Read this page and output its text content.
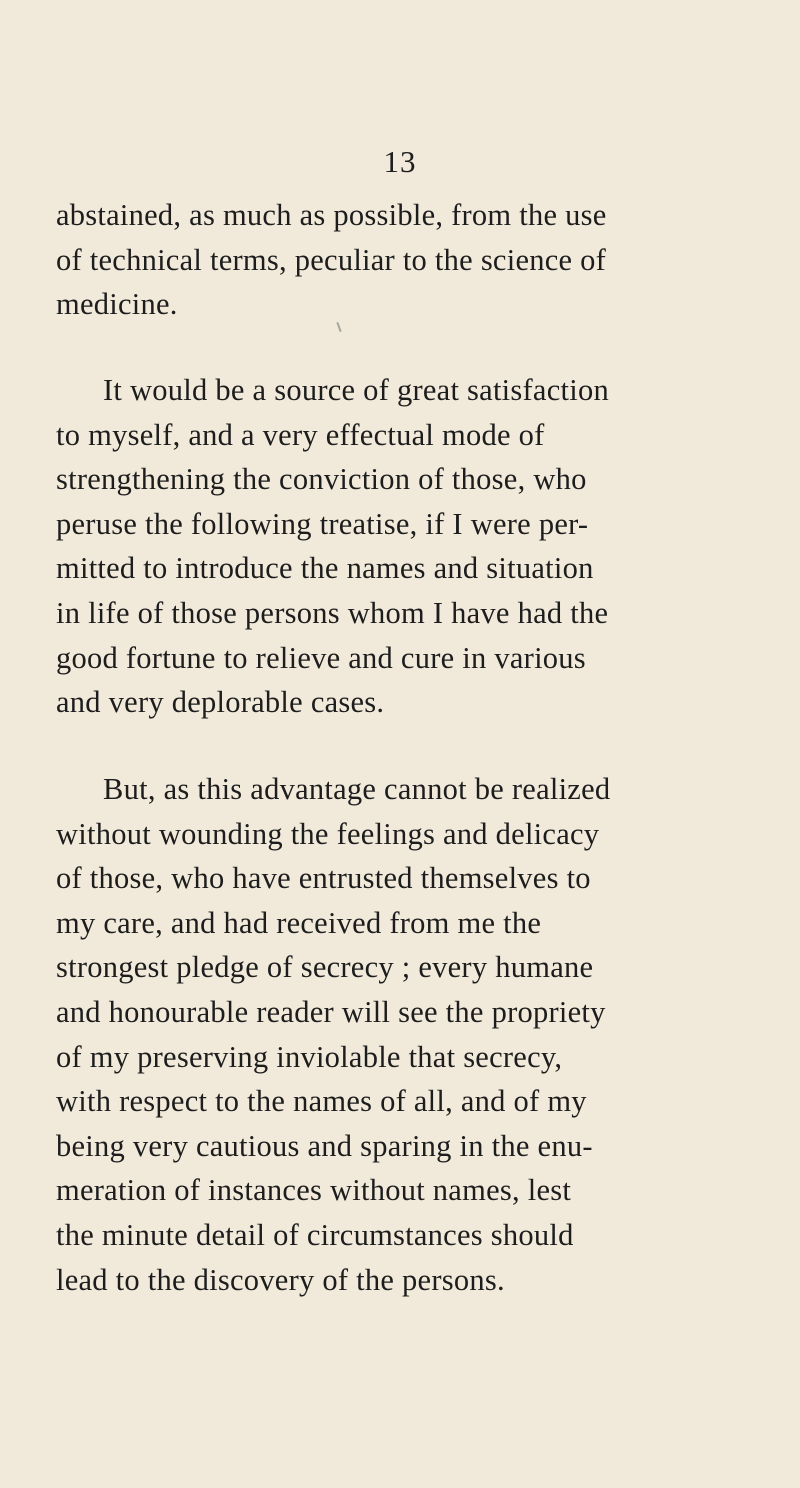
13
abstained, as much as possible, from the use
of technical terms, peculiar to the science of
medicine.
It would be a source of great satisfaction
to myself, and a very effectual mode of
strengthening the conviction of those, who
peruse the following treatise, if I were per-
mitted to introduce the names and situation
in life of those persons whom I have had the
good fortune to relieve and cure in various
and very deplorable cases.
But, as this advantage cannot be realized
without wounding the feelings and delicacy
of those, who have entrusted themselves to
my care, and had received from me the
strongest pledge of secrecy ; every humane
and honourable reader will see the propriety
of my preserving inviolable that secrecy,
with respect to the names of all, and of my
being very cautious and sparing in the enu-
meration of instances without names, lest
the minute detail of circumstances should
lead to the discovery of the persons.
